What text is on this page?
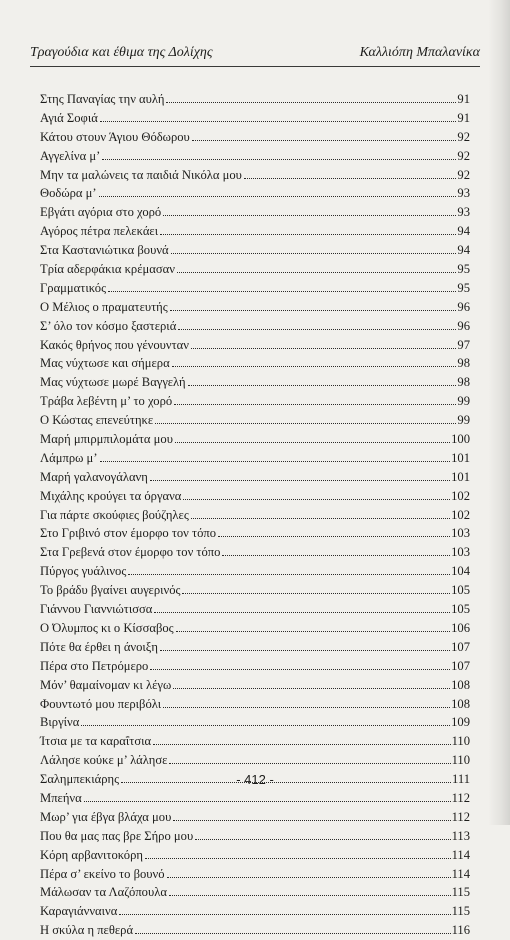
Τραγούδια και έθιμα της Δολίχης	Καλλιόπη Μπαλανίκα
Στης Παναγίας την αυλή	91
Αγιά Σοφιά	91
Κάτου στουν Άγιου Θόδωρου	92
Αγγελίνα μ’	92
Μην τα μαλώνεις τα παιδιά Νικόλα μου	92
Θοδώρα μ’	93
Εβγάτι αγόρια στο χορό	93
Αγόρος πέτρα πελεκάει	94
Στα Καστανιώτικα βουνά	94
Τρία αδερφάκια κρέμασαν	95
Γραμματικός	95
Ο Μέλιος ο πραματευτής	96
Σ’ όλο τον κόσμο ξαστεριά	96
Κακός θρήνος που γένουνταν	97
Μας νύχτωσε και σήμερα	98
Μας νύχτωσε μωρέ Βαγγελή	98
Τράβα λεβέντη μ’ το χορό	99
Ο Κώστας επενεύτηκε	99
Μαρή μπιρμπιλομάτα μου	100
Λάμπρω μ’	101
Μαρή γαλανογάλανη	101
Μιχάλης κρούγει τα όργανα	102
Για πάρτε σκούφιες βούζηλες	102
Στο Γριβινό στον έμορφο τον τόπο	103
Στα Γρεβενά στον έμορφο τον τόπο	103
Πύργος γυάλινος	104
Το βράδυ βγαίνει αυγερινός	105
Γιάννου Γιαννιώτισσα	105
Ο Όλυμπος κι ο Κίσσαβος	106
Πότε θα έρθει η άνοιξη	107
Πέρα στο Πετρόμερο	107
Μόν’ θαμαίνομαν κι λέγω	108
Φουντωτό μου περιβόλι	108
Βιργίνα	109
Ίτσια με τα καραΐτσια	110
Λάλησε κούκε μ’ λάλησε	110
Σαλημπεκιάρης	111
Μπεήνα	112
Μωρ’ για έβγα βλάχα μου	112
Που θα μας πας βρε Σήρο μου	113
Κόρη αρβανιτοκόρη	114
Πέρα σ’ εκείνο το βουνό	114
Μάλωσαν τα Λαζόπουλα	115
Καραγιάνναινα	115
Η σκύλα η πεθερά	116
- 412 -
